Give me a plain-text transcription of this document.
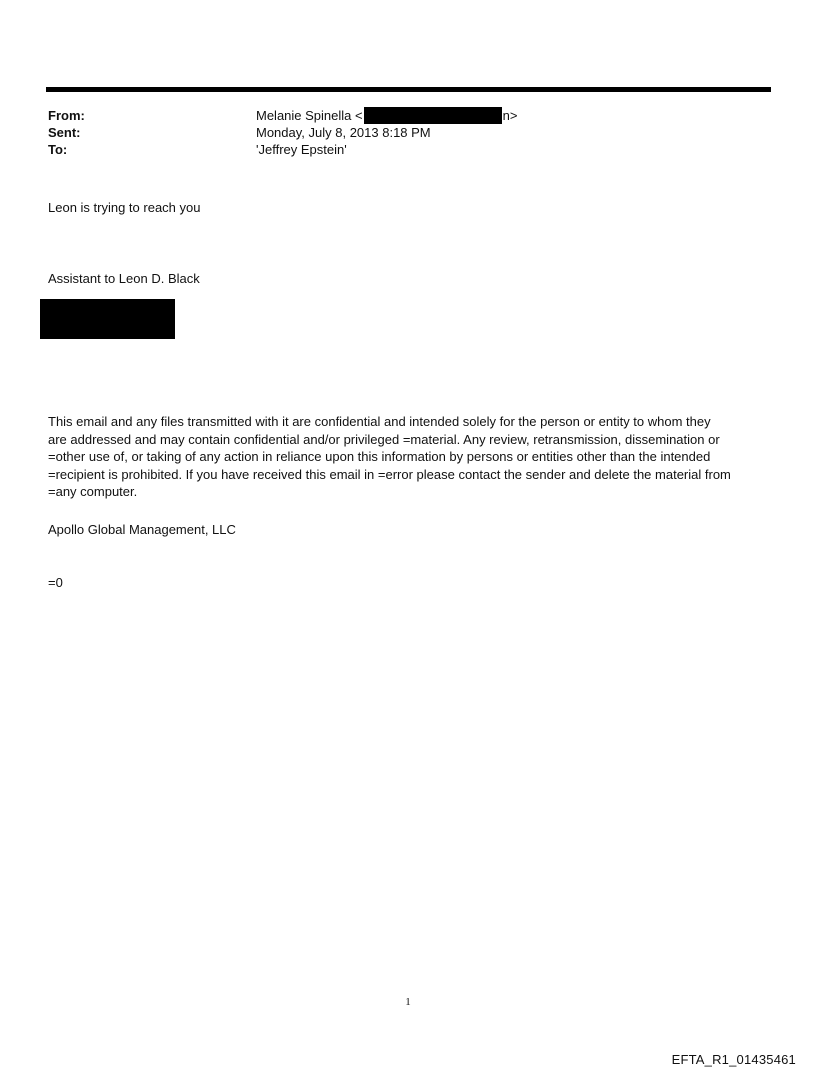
From:	Melanie Spinella <	n>
Sent:	Monday, July 8, 2013 8:18 PM
To:	'Jeffrey Epstein'
Leon is trying to reach you
Assistant to Leon D. Black
This email and any files transmitted with it are confidential and intended solely for the person or entity to whom they
are addressed and may contain confidential and/or privileged =material. Any review, retransmission, dissemination or
=other use of, or taking of any action in reliance upon this information by persons or entities other than the intended
=recipient is prohibited. If you have received this email in =error please contact the sender and delete the material from
=any computer.
Apollo Global Management, LLC
=0
1
EFTA_R1_01435461
